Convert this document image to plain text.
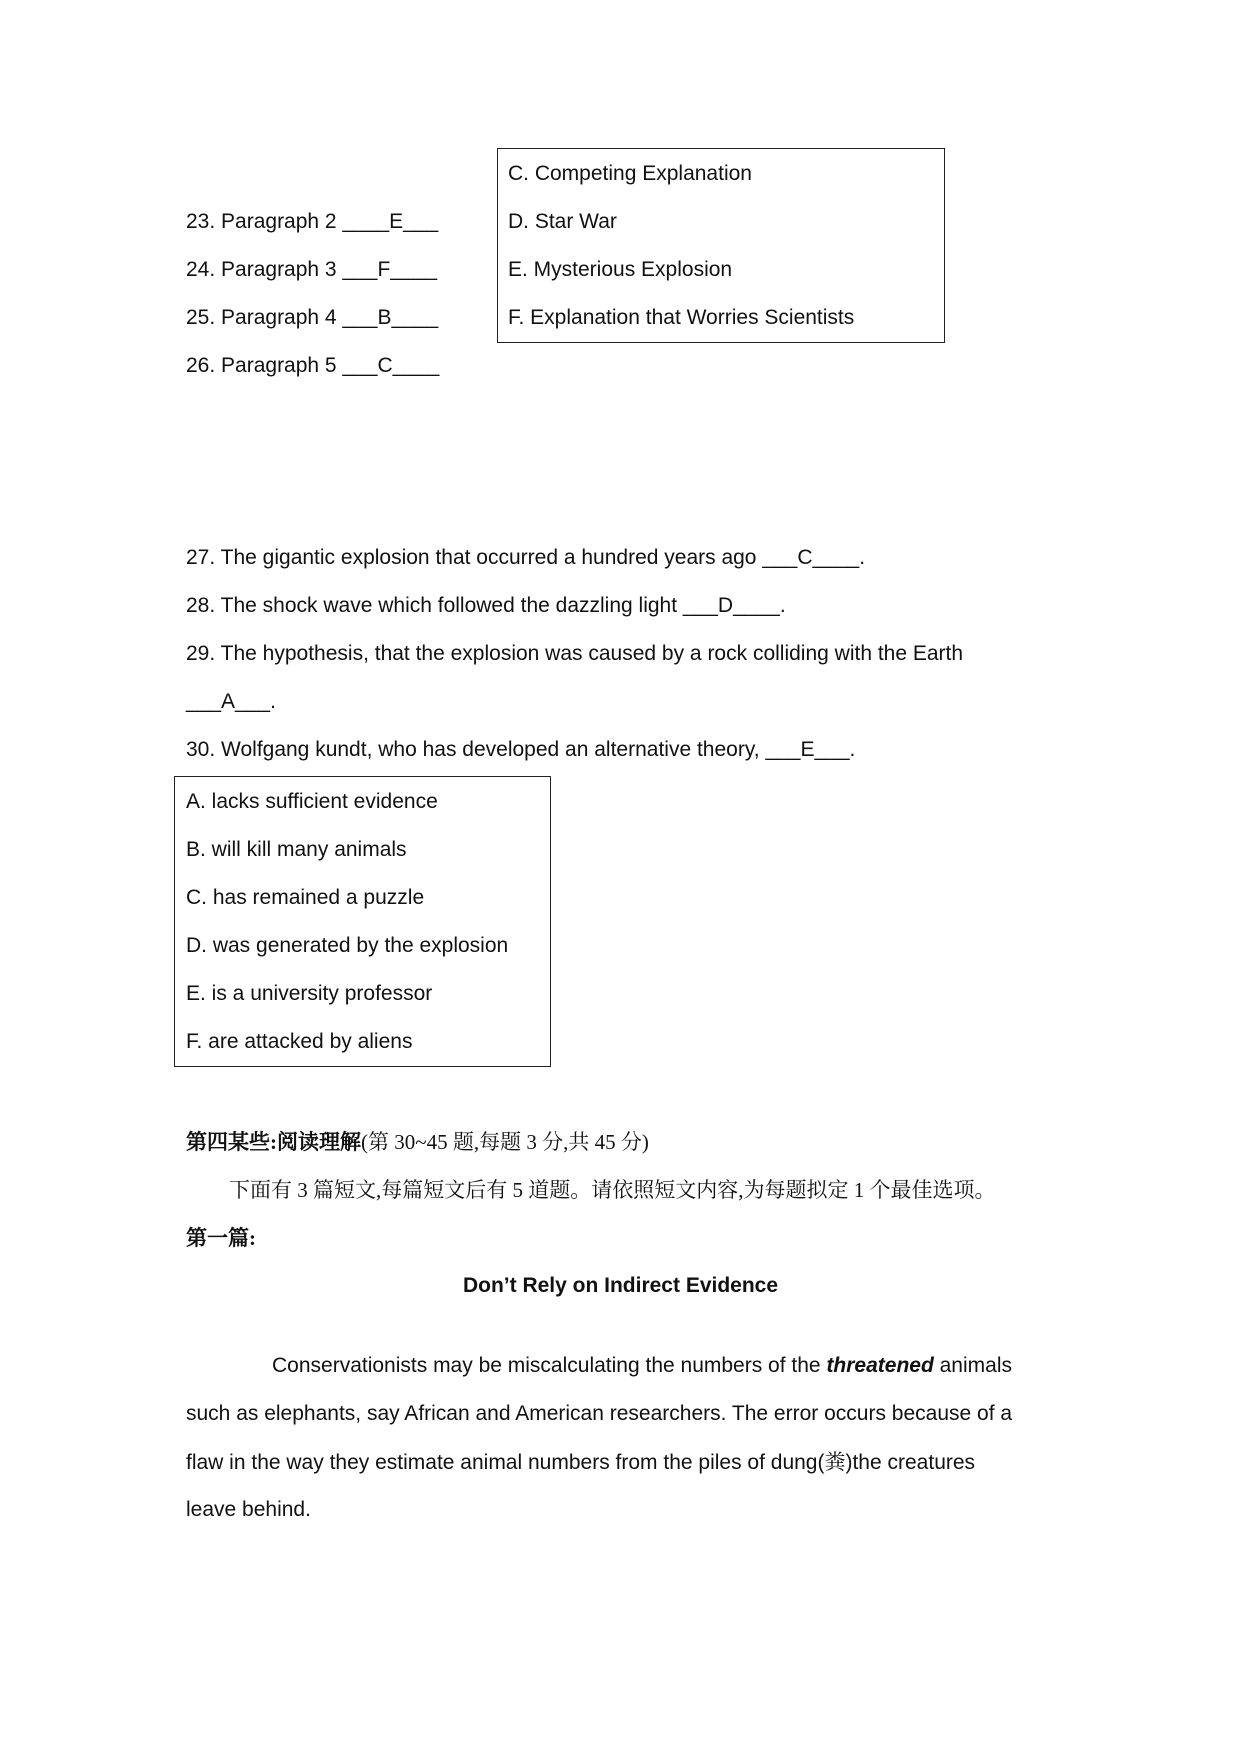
C. Competing Explanation
D. Star War
E. Mysterious Explosion
F. Explanation that Worries Scientists
23. Paragraph 2 ____E___
24. Paragraph 3 ___F____
25. Paragraph 4 ___B____
26. Paragraph 5 ___C____
27. The gigantic explosion that occurred a hundred years ago ___C____.
28. The shock wave which followed the dazzling light ___D____.
29. The hypothesis, that the explosion was caused by a rock colliding with the Earth
___A___.
30. Wolfgang kundt, who has developed an alternative theory, ___E___.
A. lacks sufficient evidence
B. will kill many animals
C. has remained a puzzle
D. was generated by the explosion
E. is a university professor
F. are attacked by aliens
第四某些:阅读理解(第 30~45 题,每题 3 分,共 45 分)
下面有 3 篇短文,每篇短文后有 5 道题。请依照短文内容,为每题拟定 1 个最佳选项。
第一篇:
Don’t Rely on Indirect Evidence
Conservationists may be miscalculating the numbers of the threatened animals
such as elephants, say African and American researchers. The error occurs because of a
flaw in the way they estimate animal numbers from the piles of dung(粪)the creatures
leave behind.
